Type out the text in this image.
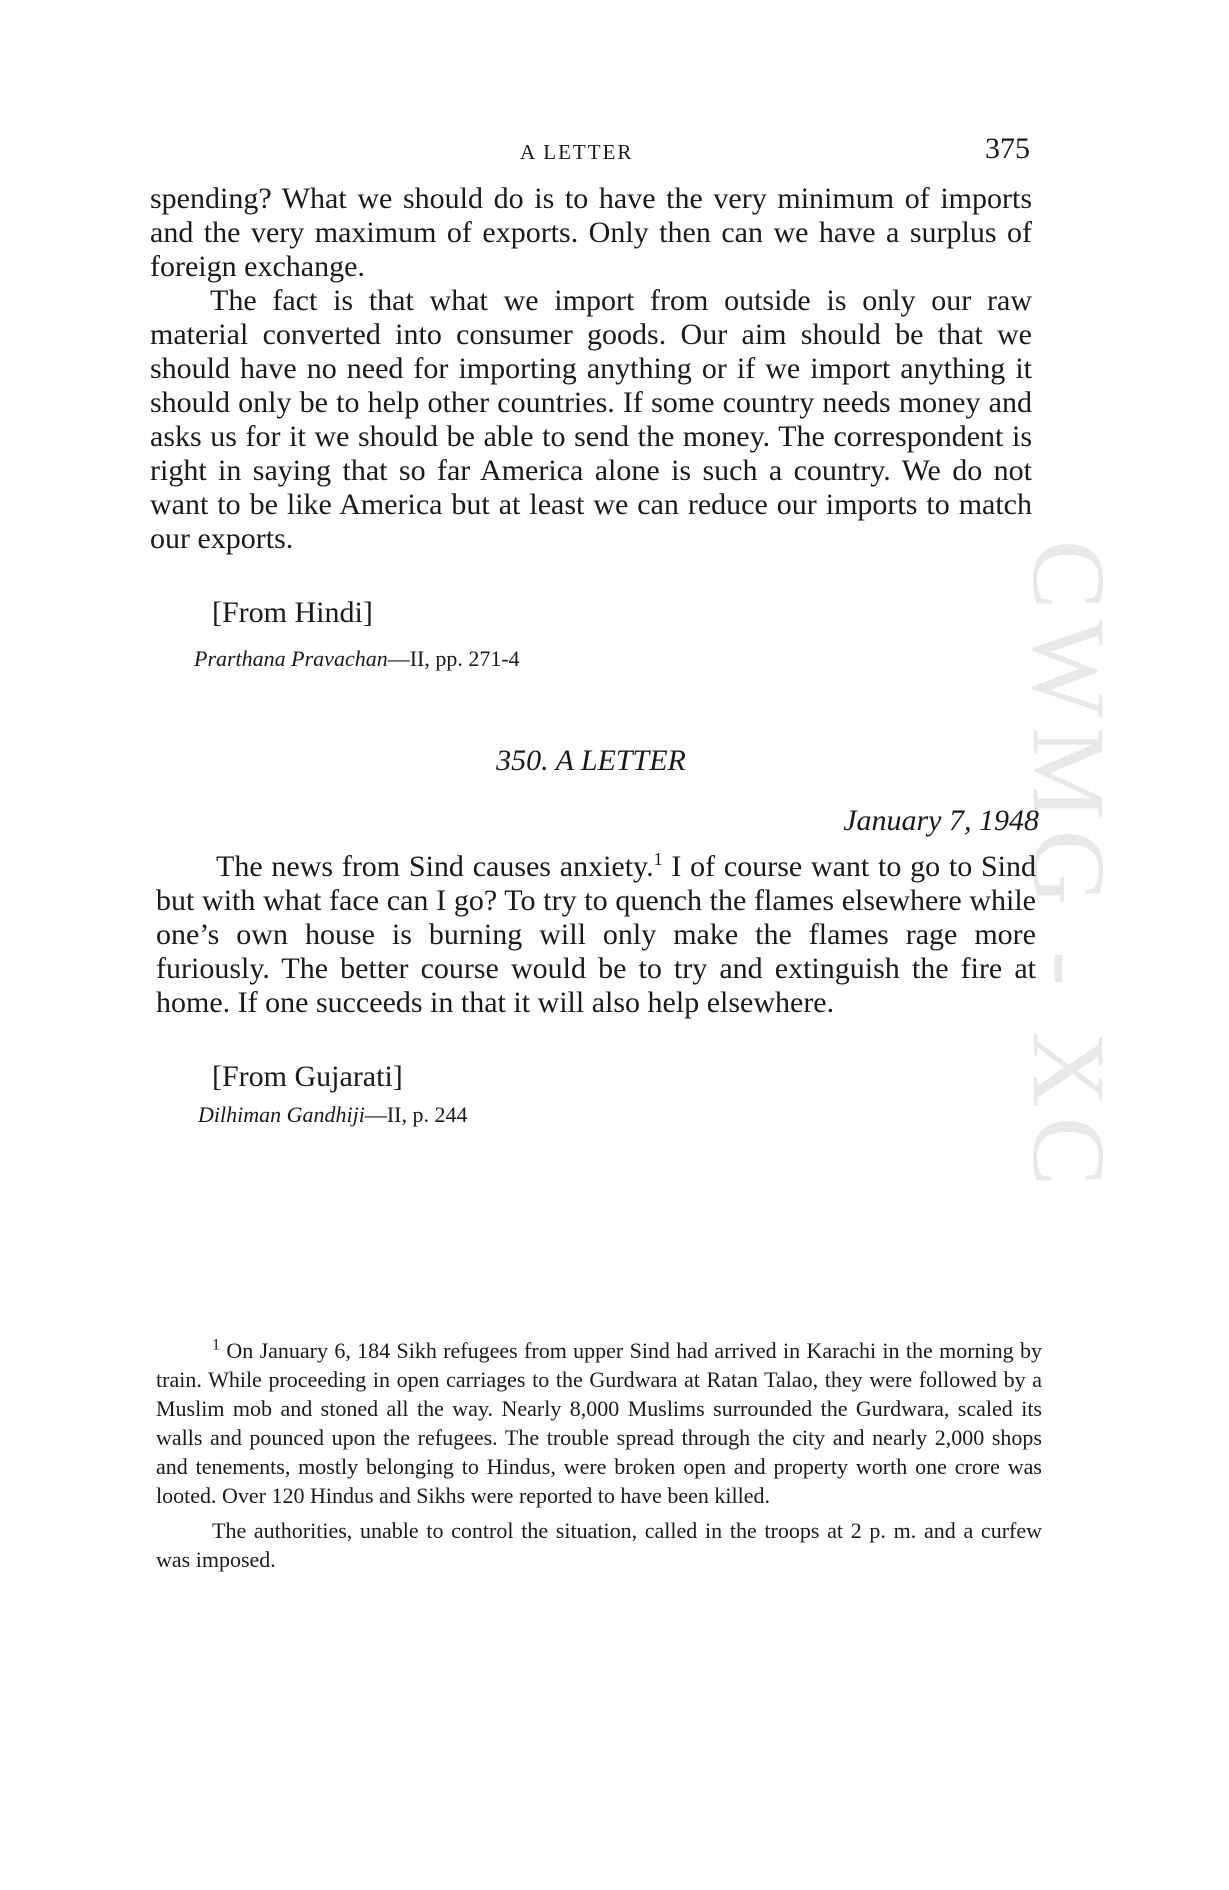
CWMG - XC
A LETTER	375

spending? What we should do is to have the very minimum of imports and the very maximum of exports. Only then can we have a surplus of foreign exchange.

The fact is that what we import from outside is only our raw material converted into consumer goods. Our aim should be that we should have no need for importing anything or if we import anything it should only be to help other countries. If some country needs money and asks us for it we should be able to send the money. The correspondent is right in saying that so far America alone is such a country. We do not want to be like America but at least we can reduce our imports to match our exports.

[From Hindi]
Prarthana Pravachan—II, pp. 271-4
350. A LETTER
January 7, 1948

The news from Sind causes anxiety.$^1$ I of course want to go to Sind but with what face can I go? To try to quench the flames elsewhere while one’s own house is burning will only make the flames rage more furiously. The better course would be to try and extinguish the fire at home. If one succeeds in that it will also help elsewhere.

[From Gujarati]
Dilhiman Gandhiji—II, p. 244

$^1$ On January 6, 184 Sikh refugees from upper Sind had arrived in Karachi in the morning by train. While proceeding in open carriages to the Gurdwara at Ratan Talao, they were followed by a Muslim mob and stoned all the way. Nearly 8,000 Muslims surrounded the Gurdwara, scaled its walls and pounced upon the refugees. The trouble spread through the city and nearly 2,000 shops and tenements, mostly belonging to Hindus, were broken open and property worth one crore was looted. Over 120 Hindus and Sikhs were reported to have been killed.

The authorities, unable to control the situation, called in the troops at 2 p. m. and a curfew was imposed.
